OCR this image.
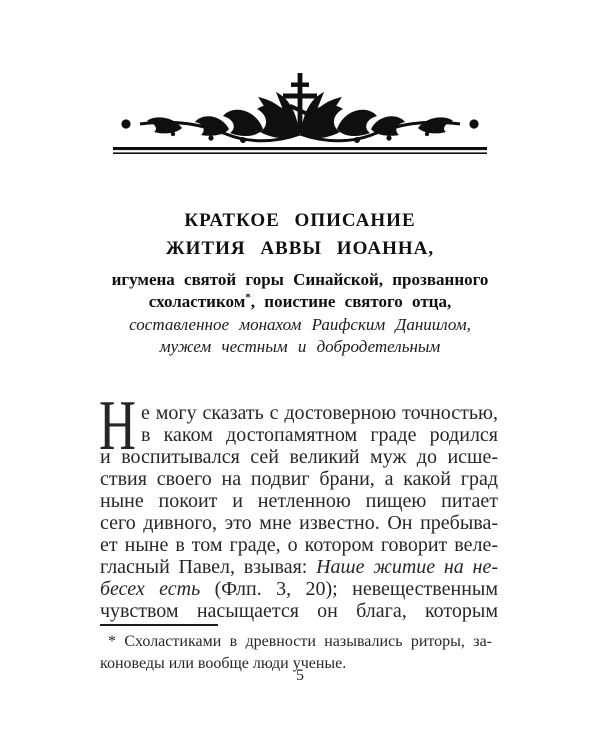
КРАТКОЕ ОПИСАНИЕ
ЖИТИЯ АВВЫ ИОАННА,
игумена святой горы Синайской, прозванного
схоластиком*, поистине святого отца,
составленное монахом Раифским Даниилом,
мужем честным и добродетельным
Н е могу сказать с достоверною точностью,
в каком достопамятном граде родился
и воспитывался сей великий муж до исше-
ствия своего на подвиг брани, а какой град
ныне покоит и нетленною пищею питает
сего дивного, это мне известно. Он пребыва-
ет ныне в том граде, о котором говорит веле-
гласный Павел, взывая: Наше житие на не-
бесех есть (Флп. 3, 20); невещественным
чувством насыщается он блага, которым
* Схоластиками в древности назывались риторы, за-
коноведы или вообще люди ученые.
5
